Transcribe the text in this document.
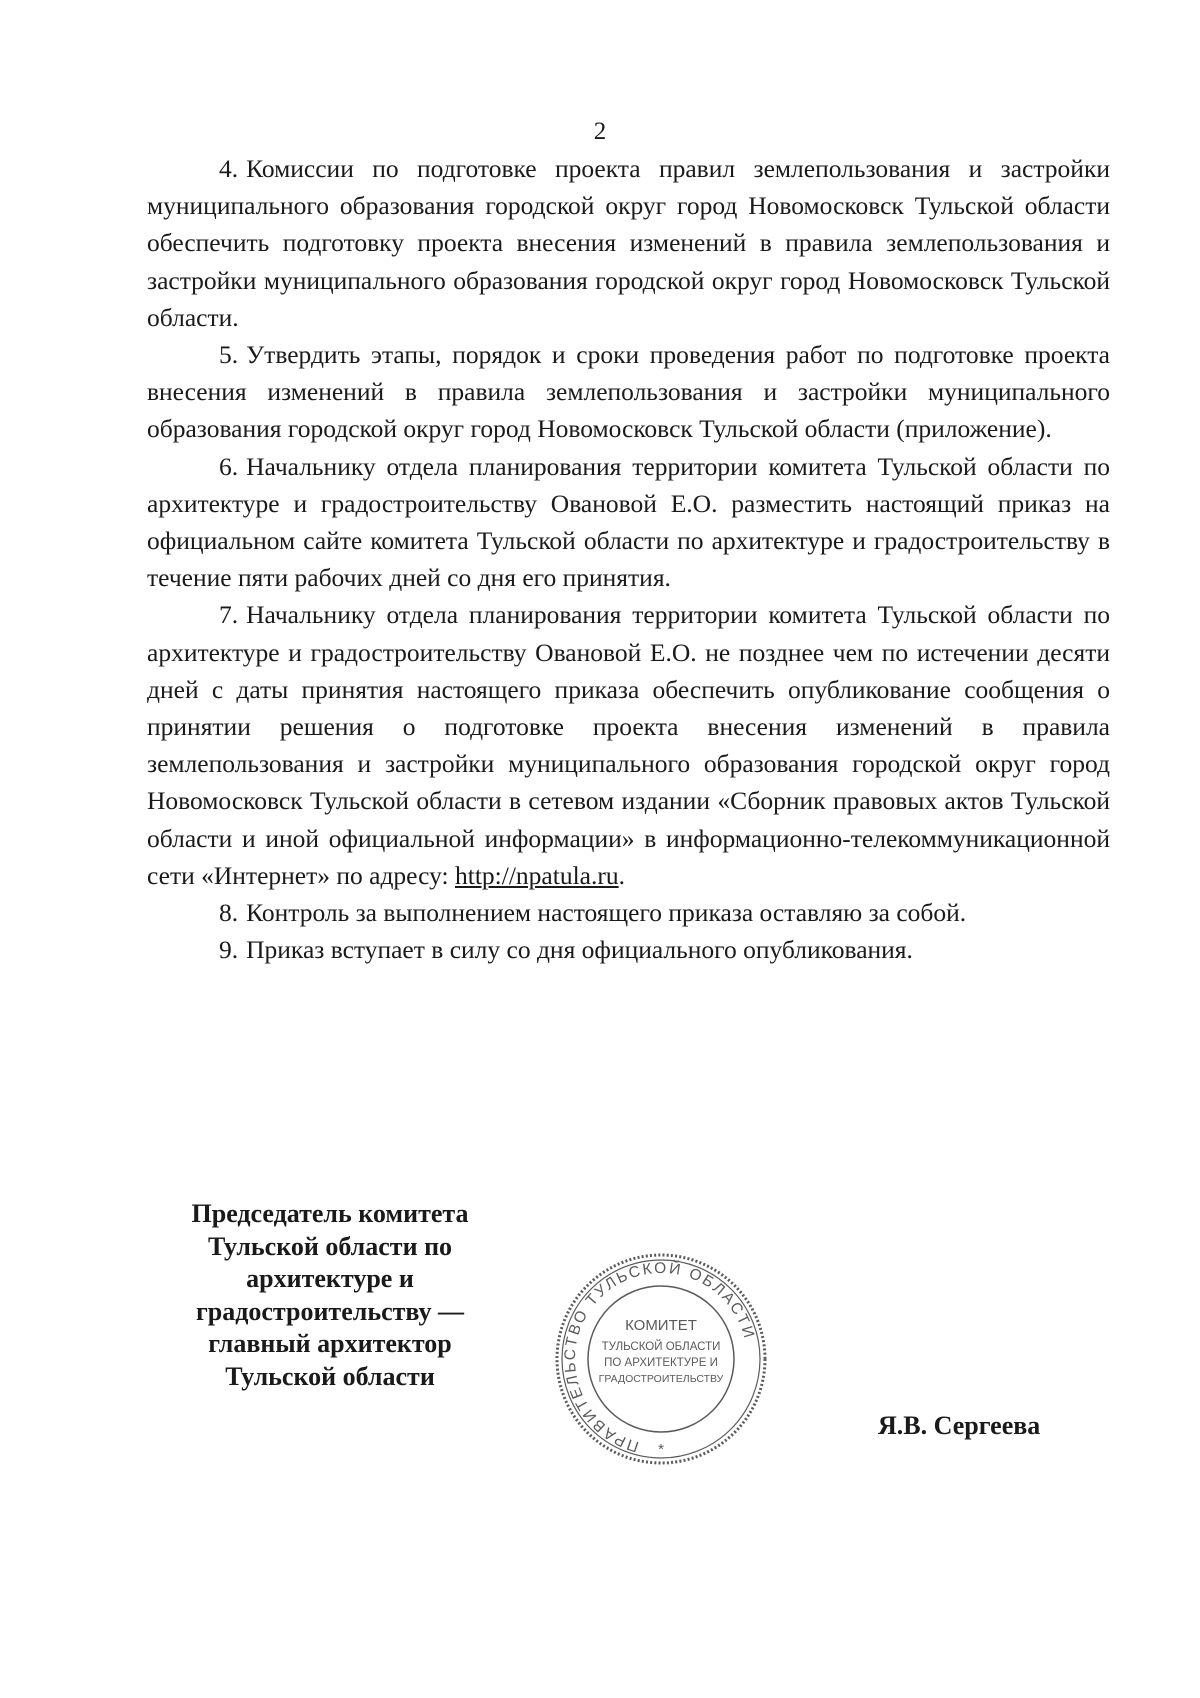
2

4. Комиссии по подготовке проекта правил землепользования и застройки муниципального образования городской округ город Новомосковск Тульской области обеспечить подготовку проекта внесения изменений в правила землепользования и застройки муниципального образования городской округ город Новомосковск Тульской области.

5. Утвердить этапы, порядок и сроки проведения работ по подготовке проекта внесения изменений в правила землепользования и застройки муниципального образования городской округ город Новомосковск Тульской области (приложение).

6. Начальнику отдела планирования территории комитета Тульской области по архитектуре и градостроительству Овановой Е.О. разместить настоящий приказ на официальном сайте комитета Тульской области по архитектуре и градостроительству в течение пяти рабочих дней со дня его принятия.

7. Начальнику отдела планирования территории комитета Тульской области по архитектуре и градостроительству Овановой Е.О. не позднее чем по истечении десяти дней с даты принятия настоящего приказа обеспечить опубликование сообщения о принятии решения о подготовке проекта внесения изменений в правила землепользования и застройки муниципального образования городской округ город Новомосковск Тульской области в сетевом издании «Сборник правовых актов Тульской области и иной официальной информации» в информационно-телекоммуникационной сети «Интернет» по адресу: http://npatula.ru.

8. Контроль за выполнением настоящего приказа оставляю за собой.

9. Приказ вступает в силу со дня официального опубликования.

Председатель комитета
Тульской области по
архитектуре и
градостроительству —
главный архитектор
Тульской области
ПРАВИТЕЛЬСТВО ТУЛЬСКОЙ ОБЛАСТИ
КОМИТЕТ
ТУЛЬСКОЙ ОБЛАСТИ
ПО АРХИТЕКТУРЕ И
ГРАДОСТРОИТЕЛЬСТВУ
*
Я.В. Сергеева
